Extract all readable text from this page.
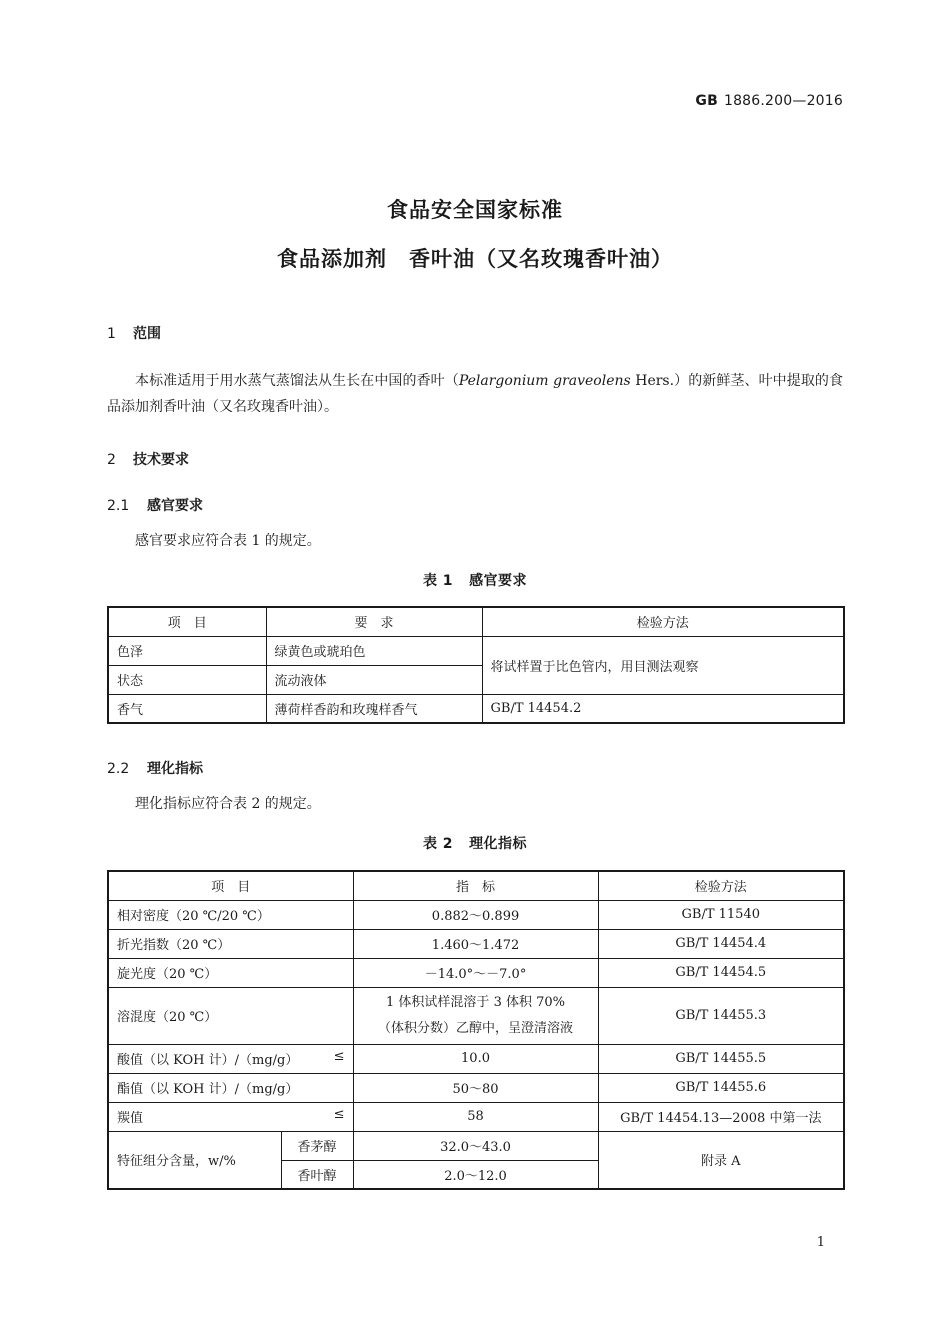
GB 1886.200—2016
食品安全国家标准
食品添加剂　香叶油（又名玫瑰香叶油）
1 范围
本标准适用于用水蒸气蒸馏法从生长在中国的香叶（Pelargonium graveolens Hers.）的新鲜茎、叶中提取的食品添加剂香叶油（又名玫瑰香叶油）。
2 技术要求
2.1 感官要求
感官要求应符合表 1 的规定。
表 1 感官要求
项　目	要　求	检验方法
色泽	绿黄色或琥珀色	将试样置于比色管内，用目测法观察
状态	流动液体	
香气	薄荷样香韵和玫瑰样香气	GB/T 14454.2
2.2 理化指标
理化指标应符合表 2 的规定。
表 2 理化指标
项　目		指　标	检验方法
相对密度（20 ℃/20 ℃）		0.882～0.899	GB/T 11540
折光指数（20 ℃）		1.460～1.472	GB/T 14454.4
旋光度（20 ℃）		－14.0°～－7.0°	GB/T 14454.5
溶混度（20 ℃）		1 体积试样混溶于 3 体积 70%
（体积分数）乙醇中，呈澄清溶液	GB/T 14455.3
酸值（以 KOH 计）/（mg/g） ≤		10.0	GB/T 14455.5
酯值（以 KOH 计）/（mg/g）		50～80	GB/T 14455.6
羰值 ≤		58	GB/T 14454.13—2008 中第一法
特征组分含量，w/%	香茅醇	32.0～43.0	附录 A
	香叶醇	2.0～12.0	
1
